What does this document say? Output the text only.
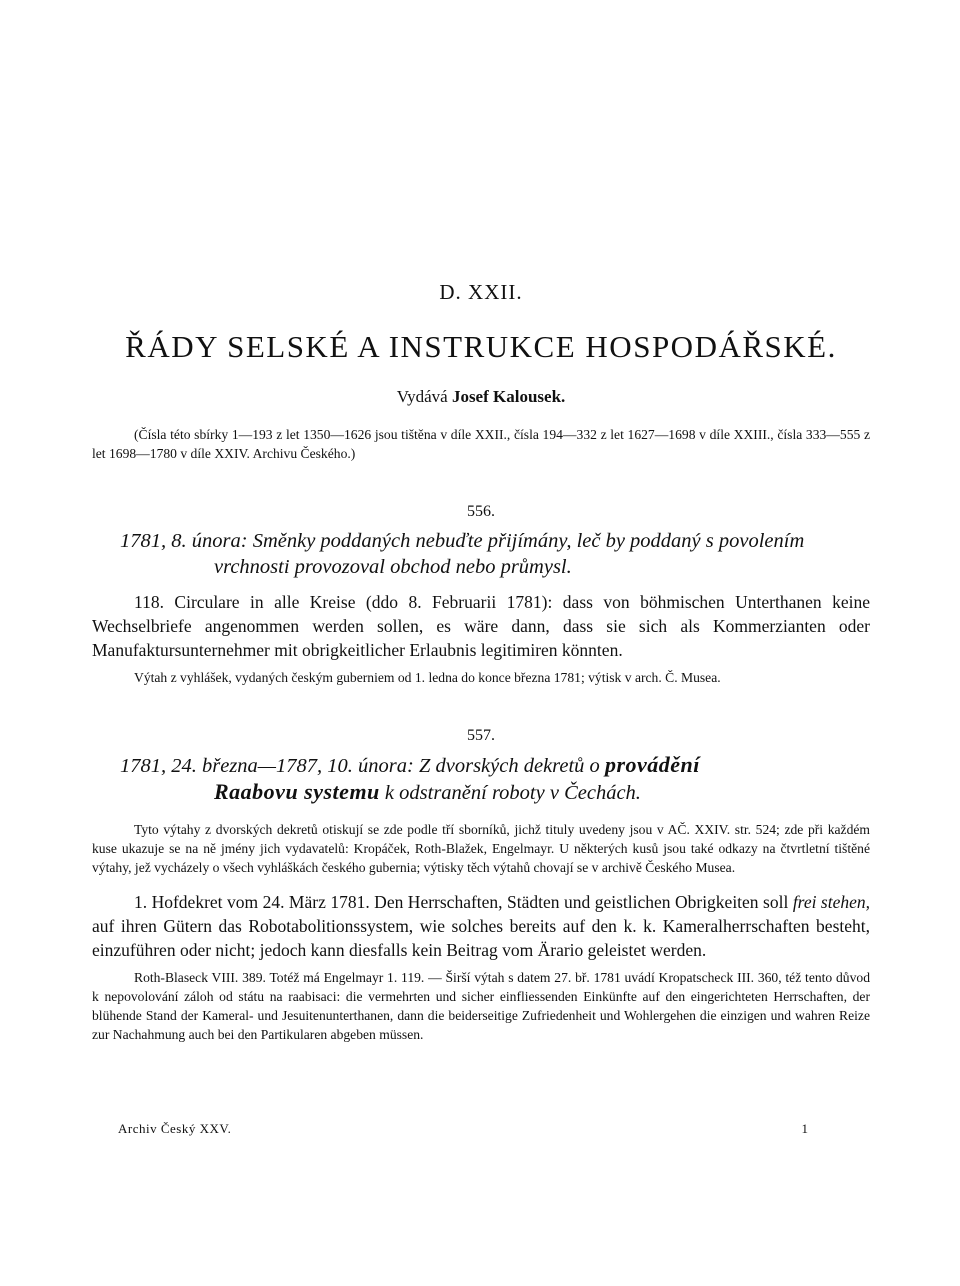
D. XXII.
ŘÁDY SELSKÉ A INSTRUKCE HOSPODÁŘSKÉ.
Vydává Josef Kalousek.

(Čísla této sbírky 1—193 z let 1350—1626 jsou tištěna v díle XXII., čísla 194—332 z let 1627—1698 v díle XXIII., čísla 333—555 z let 1698—1780 v díle XXIV. Archivu Českého.)

556.
1781, 8. února: Směnky poddaných nebuďte přijímány, leč by poddaný s povolením
vrchnosti provozoval obchod nebo průmysl.

118. Circulare in alle Kreise (ddo 8. Februarii 1781): dass von böhmischen Unterthanen keine Wechselbriefe angenommen werden sollen, es wäre dann, dass sie sich als Kommerzianten oder Manufaktursunternehmer mit obrigkeitlicher Erlaubnis legitimiren könnten.

Výtah z vyhlášek, vydaných českým guberniem od 1. ledna do konce března 1781; výtisk v arch. Č. Musea.

557.
1781, 24. března—1787, 10. února: Z dvorských dekretů o provádění
Raabovu systemu k odstranění roboty v Čechách.

Tyto výtahy z dvorských dekretů otiskují se zde podle tří sborníků, jichž tituly uvedeny jsou v AČ. XXIV. str. 524; zde při každém kuse ukazuje se na ně jmény jich vydavatelů: Kropáček, Roth-Blažek, Engelmayr. U některých kusů jsou také odkazy na čtvrtletní tištěné výtahy, jež vycházely o všech vyhláškách českého gubernia; výtisky těch výtahů chovají se v archivě Českého Musea.

1. Hofdekret vom 24. März 1781. Den Herrschaften, Städten und geistlichen Obrigkeiten soll frei stehen, auf ihren Gütern das Robotabolitionssystem, wie solches bereits auf den k. k. Kameralherrschaften besteht, einzuführen oder nicht; jedoch kann diesfalls kein Beitrag vom Ärario geleistet werden.

Roth-Blaseck VIII. 389. Totéž má Engelmayr 1. 119. — Širší výtah s datem 27. bř. 1781 uvádí Kropatscheck III. 360, též tento důvod k nepovolování záloh od státu na raabisaci: die vermehrten und sicher einfliessenden Einkünfte auf den eingerichteten Herrschaften, der blühende Stand der Kameral- und Jesuitenunterthanen, dann die beiderseitige Zufriedenheit und Wohlergehen die einzigen und wahren Reize zur Nachahmung auch bei den Partikularen abgeben müssen.

Archiv Český XXV.	1
